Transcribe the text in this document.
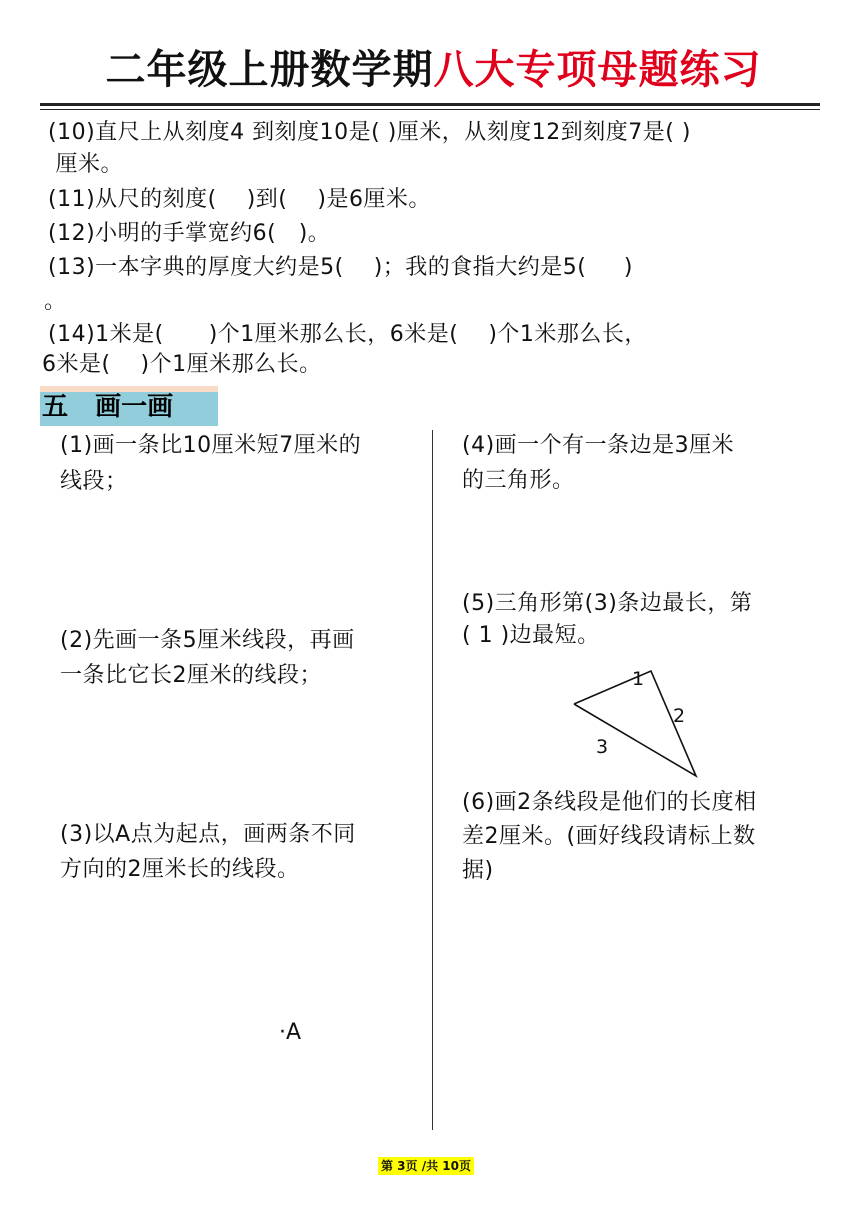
二年级上册数学期八大专项母题练习
(10)直尺上从刻度4 到刻度10是( )厘米，从刻度12到刻度7是( )
厘米。
(11)从尺的刻度(    )到(    )是6厘米。
(12)小明的手掌宽约6(   )。
(13)一本字典的厚度大约是5(    )；我的食指大约是5(     )
。
(14)1米是(      )个1厘米那么长，6米是(    )个1米那么长，
6米是(    )个1厘米那么长。
五   画一画
(1)画一条比10厘米短7厘米的
线段；
(2)先画一条5厘米线段，再画
一条比它长2厘米的线段；
(3)以A点为起点，画两条不同
方向的2厘米长的线段。
·A
(4)画一个有一条边是3厘米
的三角形。
(5)三角形第(3)条边最长，第
( 1 )边最短。
1
2
3
(6)画2条线段是他们的长度相
差2厘米。(画好线段请标上数
据)
第 3页 /共 10页
